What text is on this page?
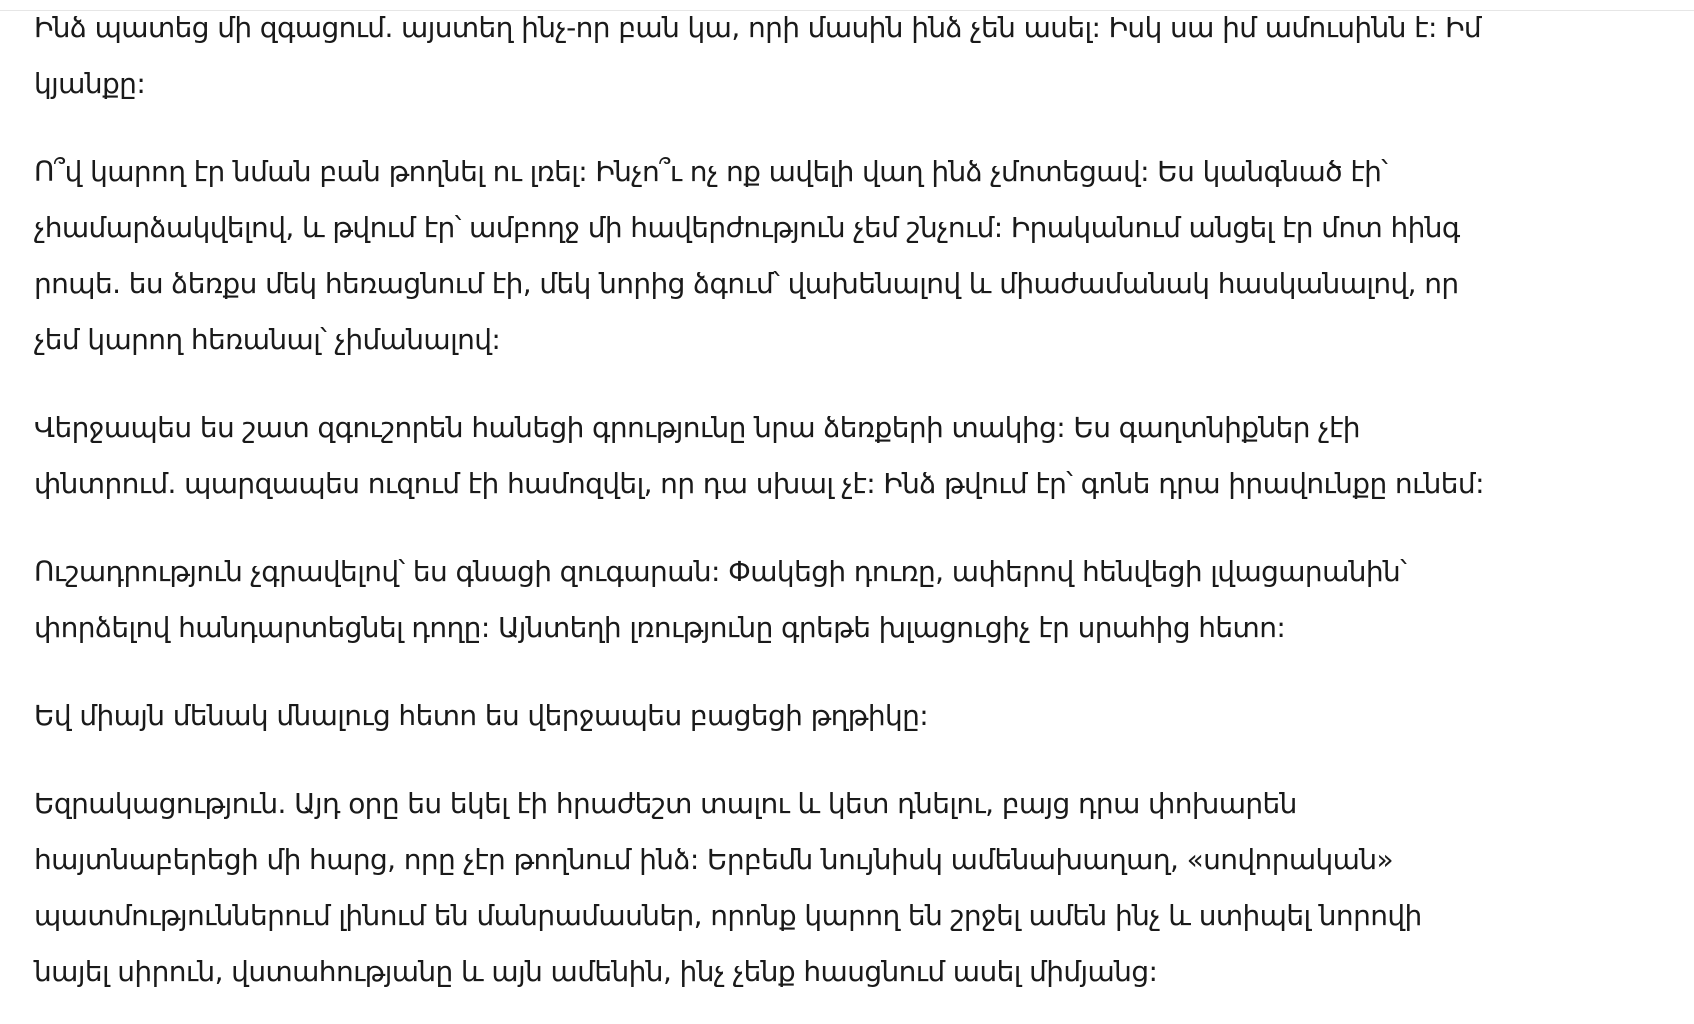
Ինձ պատեց մի զգացում. այստեղ ինչ-որ բան կա, որի մասին ինձ չեն ասել: Իսկ սա իմ ամուսինն է: Իմ
կյանքը:

Ո՞վ կարող էր նման բան թողնել ու լռել: Ինչո՞ւ ոչ ոք ավելի վաղ ինձ չմոտեցավ: Ես կանգնած էի՝
չհամարձակվելով, և թվում էր՝ ամբողջ մի հավերժություն չեմ շնչում: Իրականում անցել էր մոտ հինգ
րոպե. ես ձեռքս մեկ հեռացնում էի, մեկ նորից ձգում՝ վախենալով և միաժամանակ հասկանալով, որ
չեմ կարող հեռանալ՝ չիմանալով:

Վերջապես ես շատ զգուշորեն հանեցի գրությունը նրա ձեռքերի տակից: Ես գաղտնիքներ չէի
փնտրում. պարզապես ուզում էի համոզվել, որ դա սխալ չէ: Ինձ թվում էր՝ գոնե դրա իրավունքը ունեմ:

Ուշադրություն չգրավելով՝ ես գնացի զուգարան: Փակեցի դուռը, ափերով հենվեցի լվացարանին՝
փորձելով հանդարտեցնել դողը: Այնտեղի լռությունը գրեթե խլացուցիչ էր սրահից հետո:

Եվ միայն մենակ մնալուց հետո ես վերջապես բացեցի թղթիկը:

Եզրակացություն. Այդ օրը ես եկել էի հրաժեշտ տալու և կետ դնելու, բայց դրա փոխարեն
հայտնաբերեցի մի հարց, որը չէր թողնում ինձ: Երբեմն նույնիսկ ամենախաղաղ, «սովորական»
պատմություններում լինում են մանրամասներ, որոնք կարող են շրջել ամեն ինչ և ստիպել նորովի
նայել սիրուն, վստահությանը և այն ամենին, ինչ չենք հասցնում ասել միմյանց:
